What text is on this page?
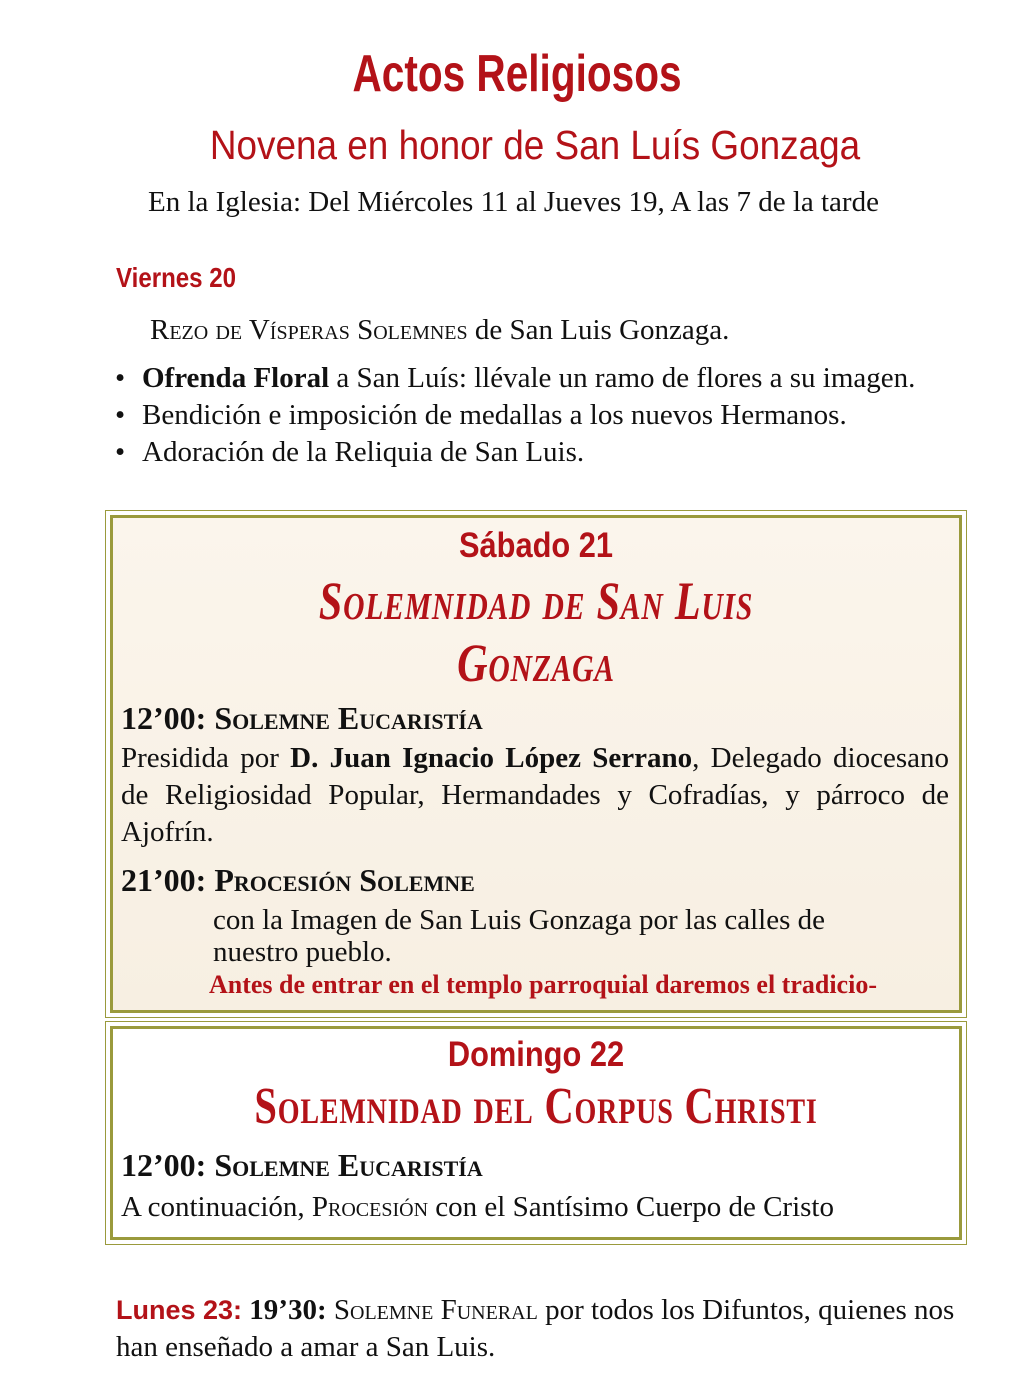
Actos Religiosos
Novena en honor de San Luís Gonzaga
En la Iglesia: Del Miércoles 11 al Jueves 19, A las 7 de la tarde
Viernes 20
Rezo de Vísperas Solemnes de San Luis Gonzaga.
• Ofrenda Floral a San Luís: llévale un ramo de flores a su imagen.
• Bendición e imposición de medallas a los nuevos Hermanos.
• Adoración de la Reliquia de San Luis.
Sábado 21
Solemnidad de San Luis
Gonzaga
12’00: Solemne Eucaristía
Presidida por D. Juan Ignacio López Serrano, Delegado diocesano de Religiosidad Popular, Hermandades y Cofradías, y párroco de Ajofrín.
21’00: Procesión Solemne
con la Imagen de San Luis Gonzaga por las calles de nuestro pueblo.
Antes de entrar en el templo parroquial daremos el tradicio-
Domingo 22
Solemnidad del Corpus Christi
12’00: Solemne Eucaristía
A continuación, Procesión con el Santísimo Cuerpo de Cristo
Lunes 23: 19’30: Solemne Funeral por todos los Difuntos, quienes nos han enseñado a amar a San Luis.
